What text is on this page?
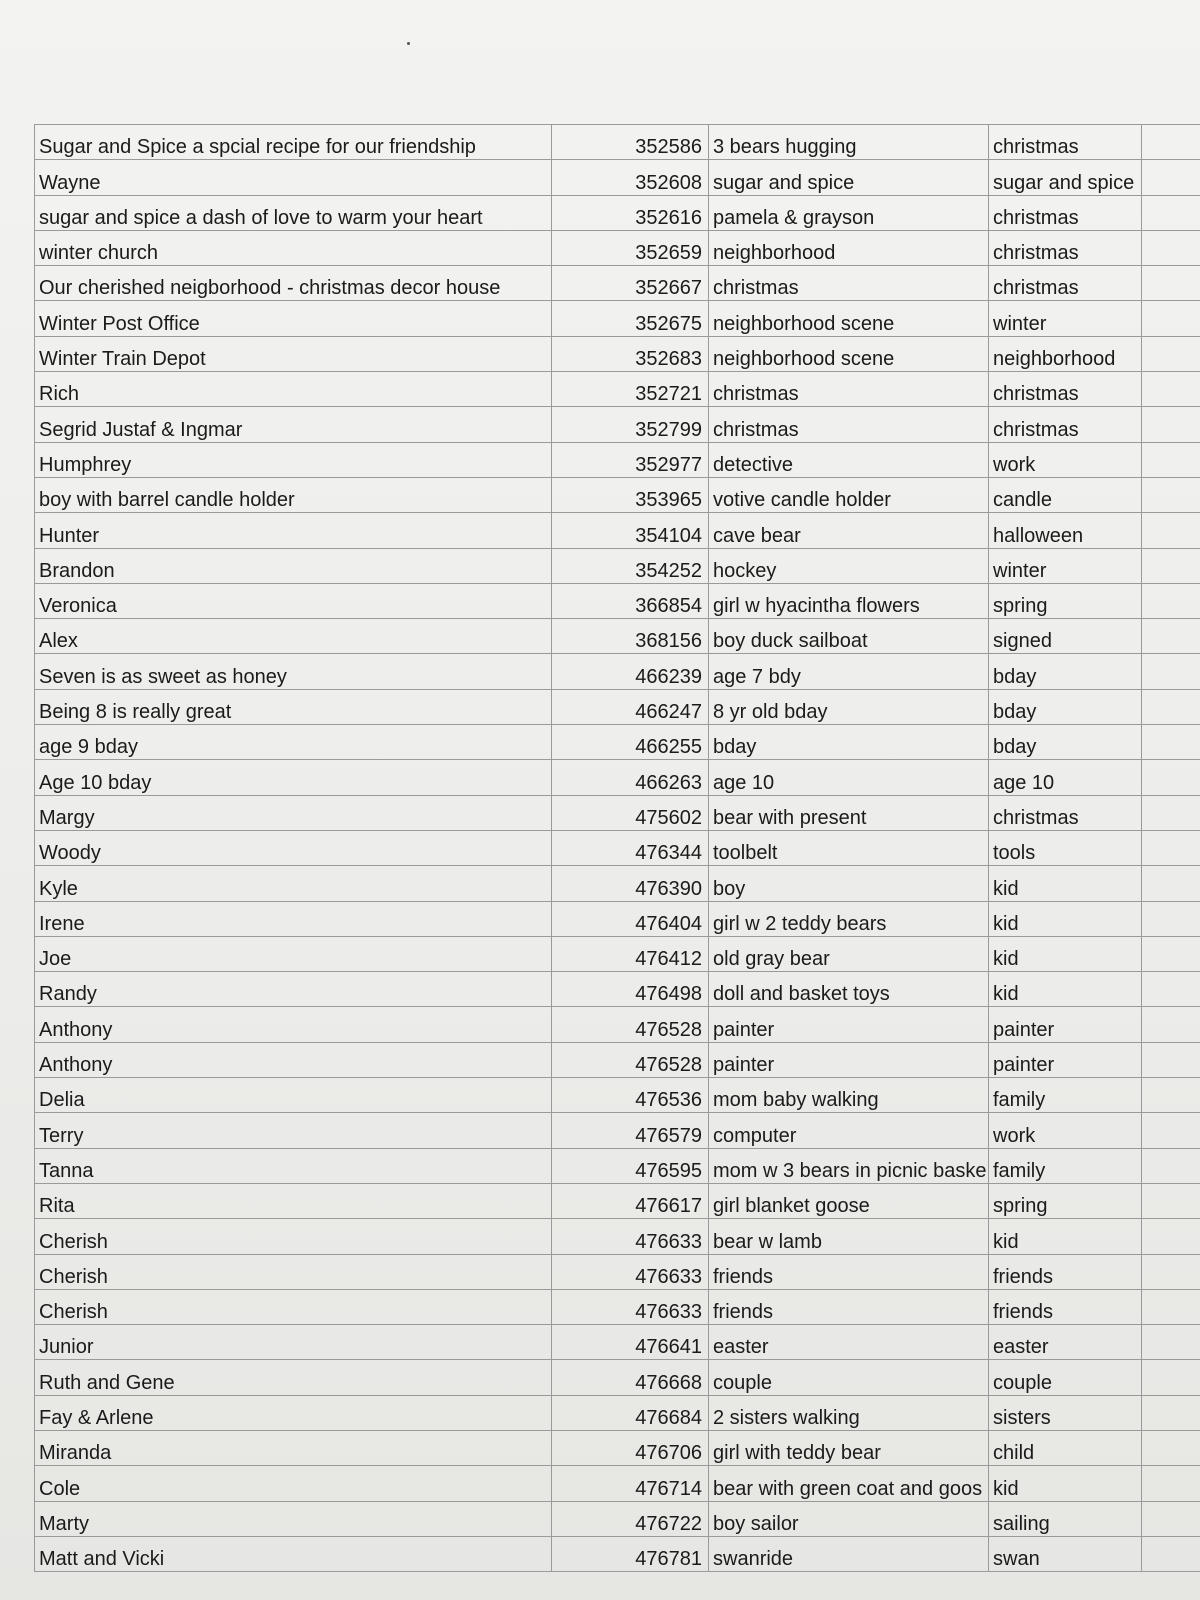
Sugar and Spice a spcial recipe for our friendship	352586	3 bears hugging	christmas	
Wayne	352608	sugar and spice	sugar and spice	
sugar and spice a dash of love to warm your heart	352616	pamela & grayson	christmas	
winter church	352659	neighborhood	christmas	
Our cherished neigborhood - christmas decor house	352667	christmas	christmas	
Winter Post Office	352675	neighborhood scene	winter	
Winter Train Depot	352683	neighborhood scene	neighborhood	
Rich	352721	christmas	christmas	
Segrid Justaf & Ingmar	352799	christmas	christmas	
Humphrey	352977	detective	work	
boy with barrel candle holder	353965	votive candle holder	candle	
Hunter	354104	cave bear	halloween	
Brandon	354252	hockey	winter	
Veronica	366854	girl w hyacintha flowers	spring	
Alex	368156	boy duck sailboat	signed	
Seven is as sweet as honey	466239	age 7 bdy	bday	
Being 8 is really great	466247	8 yr old bday	bday	
age 9 bday	466255	bday	bday	
Age 10 bday	466263	age 10	age 10	
Margy	475602	bear with present	christmas	
Woody	476344	toolbelt	tools	
Kyle	476390	boy	kid	
Irene	476404	girl w 2 teddy bears	kid	
Joe	476412	old gray bear	kid	
Randy	476498	doll and basket toys	kid	
Anthony	476528	painter	painter	
Anthony	476528	painter	painter	
Delia	476536	mom baby walking	family	
Terry	476579	computer	work	
Tanna	476595	mom w 3 bears in picnic baske	family	
Rita	476617	girl blanket goose	spring	
Cherish	476633	bear w lamb	kid	
Cherish	476633	friends	friends	
Cherish	476633	friends	friends	
Junior	476641	easter	easter	
Ruth and Gene	476668	couple	couple	
Fay & Arlene	476684	2 sisters walking	sisters	
Miranda	476706	girl with teddy bear	child	
Cole	476714	bear with green coat and goos	kid	
Marty	476722	boy sailor	sailing	
Matt and Vicki	476781	swanride	swan	
